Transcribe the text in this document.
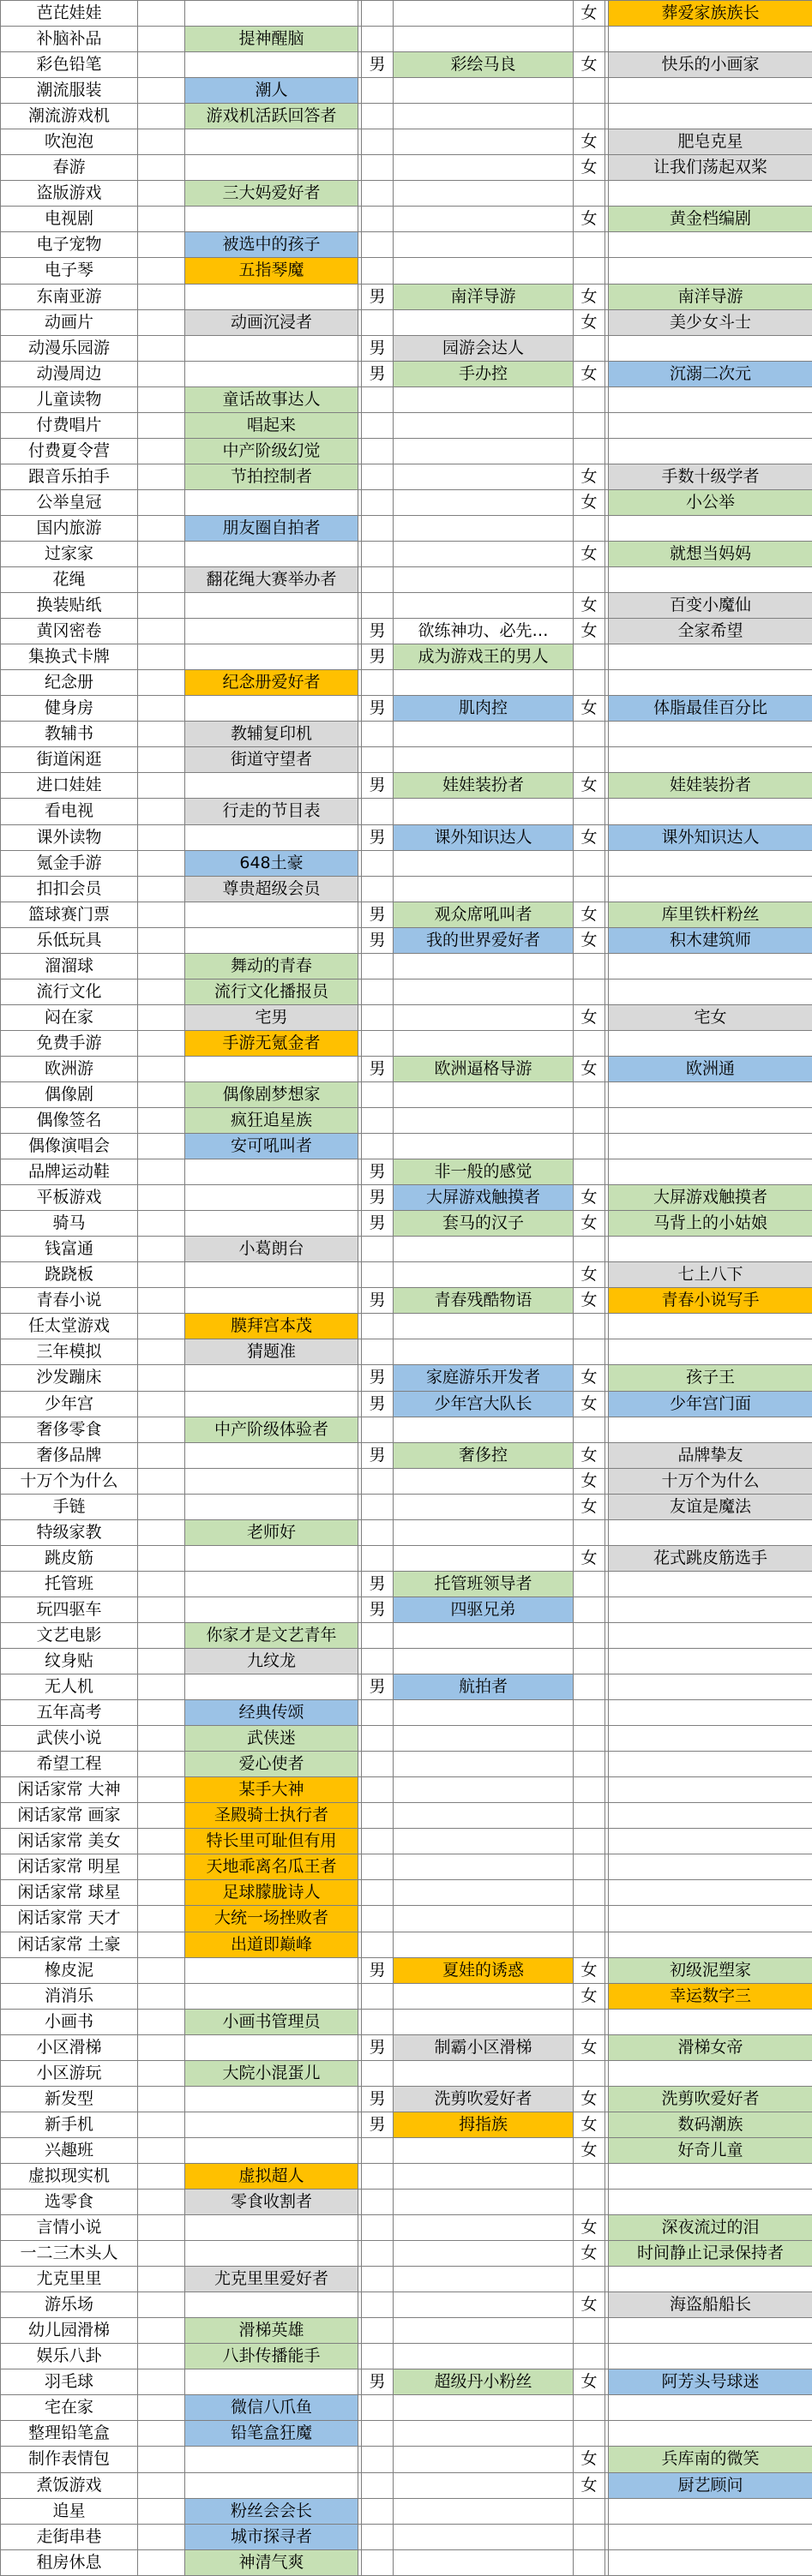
芭芘娃娃						女		葬爱家族族长
补脑补品		提神醒脑						
彩色铅笔				男	彩绘马良	女		快乐的小画家
潮流服装		潮人						
潮流游戏机		游戏机活跃回答者						
吹泡泡						女		肥皂克星
春游						女		让我们荡起双桨
盗版游戏		三大妈爱好者						
电视剧						女		黄金档编剧
电子宠物		被选中的孩子						
电子琴		五指琴魔						
东南亚游				男	南洋导游	女		南洋导游
动画片		动画沉浸者				女		美少女斗士
动漫乐园游				男	园游会达人			
动漫周边				男	手办控	女		沉溺二次元
儿童读物		童话故事达人						
付费唱片		唱起来						
付费夏令营		中产阶级幻觉						
跟音乐拍手		节拍控制者				女		手数十级学者
公举皇冠						女		小公举
国内旅游		朋友圈自拍者						
过家家						女		就想当妈妈
花绳		翻花绳大赛举办者						
换装贴纸						女		百变小魔仙
黄冈密卷				男	欲练神功、必先…	女		全家希望
集换式卡牌				男	成为游戏王的男人			
纪念册		纪念册爱好者						
健身房				男	肌肉控	女		体脂最佳百分比
教辅书		教辅复印机						
街道闲逛		街道守望者						
进口娃娃				男	娃娃装扮者	女		娃娃装扮者
看电视		行走的节目表						
课外读物				男	课外知识达人	女		课外知识达人
氪金手游		648土豪						
扣扣会员		尊贵超级会员						
篮球赛门票				男	观众席吼叫者	女		库里铁杆粉丝
乐低玩具				男	我的世界爱好者	女		积木建筑师
溜溜球		舞动的青春						
流行文化		流行文化播报员						
闷在家		宅男				女		宅女
免费手游		手游无氪金者						
欧洲游				男	欧洲逼格导游	女		欧洲通
偶像剧		偶像剧梦想家						
偶像签名		疯狂追星族						
偶像演唱会		安可吼叫者						
品牌运动鞋				男	非一般的感觉			
平板游戏				男	大屏游戏触摸者	女		大屏游戏触摸者
骑马				男	套马的汉子	女		马背上的小姑娘
钱富通		小葛朗台						
跷跷板						女		七上八下
青春小说				男	青春残酷物语	女		青春小说写手
任太堂游戏		膜拜宫本茂						
三年模拟		猜题准						
沙发蹦床				男	家庭游乐开发者	女		孩子王
少年宫				男	少年宫大队长	女		少年宫门面
奢侈零食		中产阶级体验者						
奢侈品牌				男	奢侈控	女		品牌挚友
十万个为什么						女		十万个为什么
手链						女		友谊是魔法
特级家教		老师好						
跳皮筋						女		花式跳皮筋选手
托管班				男	托管班领导者			
玩四驱车				男	四驱兄弟			
文艺电影		你家才是文艺青年						
纹身贴		九纹龙						
无人机				男	航拍者			
五年高考		经典传颂						
武侠小说		武侠迷						
希望工程		爱心使者						
闲话家常 大神		某手大神						
闲话家常 画家		圣殿骑士执行者						
闲话家常 美女		特长里可耻但有用						
闲话家常 明星		天地乖离名瓜王者						
闲话家常 球星		足球朦胧诗人						
闲话家常 天才		大统一场挫败者						
闲话家常 土豪		出道即巅峰						
橡皮泥				男	夏娃的诱惑	女		初级泥塑家
消消乐						女		幸运数字三
小画书		小画书管理员						
小区滑梯				男	制霸小区滑梯	女		滑梯女帝
小区游玩		大院小混蛋儿						
新发型				男	洗剪吹爱好者	女		洗剪吹爱好者
新手机				男	拇指族	女		数码潮族
兴趣班						女		好奇儿童
虚拟现实机		虚拟超人						
选零食		零食收割者						
言情小说						女		深夜流过的泪
一二三木头人						女		时间静止记录保持者
尤克里里		尤克里里爱好者						
游乐场						女		海盗船船长
幼儿园滑梯		滑梯英雄						
娱乐八卦		八卦传播能手						
羽毛球				男	超级丹小粉丝	女		阿芳头号球迷
宅在家		微信八爪鱼						
整理铅笔盒		铅笔盒狂魔						
制作表情包						女		兵库南的微笑
煮饭游戏						女		厨艺顾问
追星		粉丝会会长						
走街串巷		城市探寻者						
租房休息		神清气爽						
